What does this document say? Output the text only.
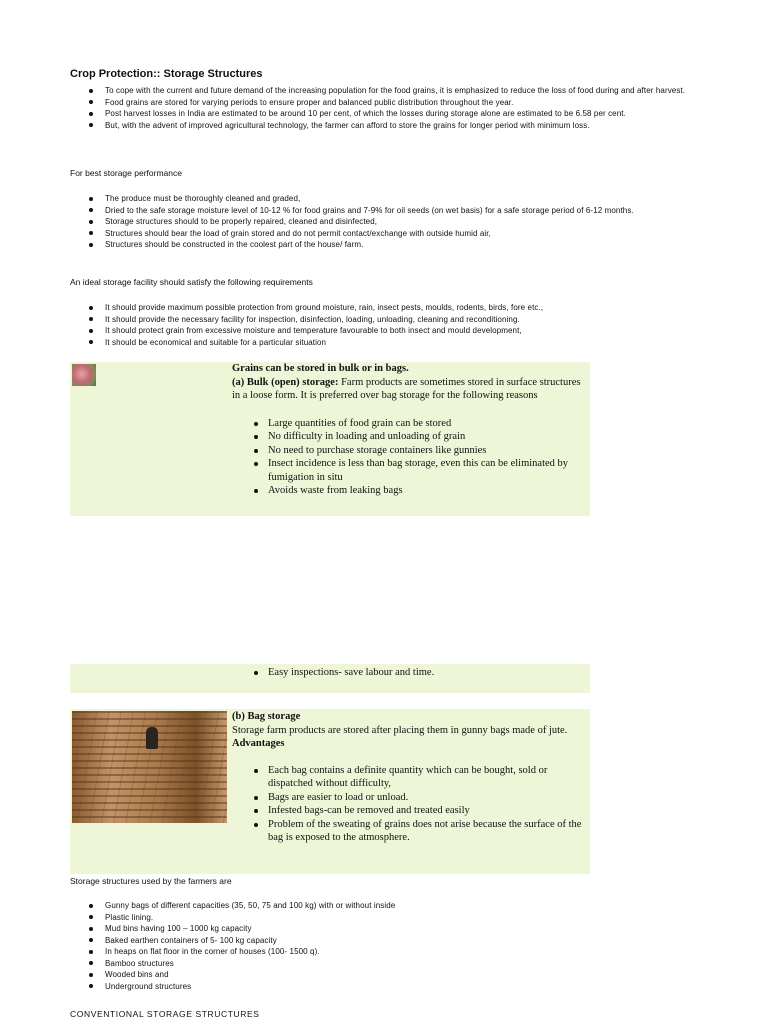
Crop Protection:: Storage Structures
To cope with the current and future demand of the increasing population for the food grains, it is emphasized to reduce the loss of food during and after harvest.
Food grains are stored for varying periods to ensure proper and balanced public distribution throughout the year.
Post harvest losses in India are estimated to be around 10 per cent, of which the losses during storage alone are estimated to be 6.58 per cent.
But, with the advent of improved agricultural technology, the farmer can afford to store the grains for longer period with minimum loss.

For best storage performance

The produce must be thoroughly cleaned and graded,
Dried to the safe storage moisture level of 10-12 % for food grains and 7-9% for oil seeds (on wet basis) for a safe storage period of 6-12 months.
Storage structures should to be properly repaired, cleaned and disinfected,
Structures should bear the load of grain stored and do not permit contact/exchange with outside humid air,
Structures should be constructed in the coolest part of the house/ farm.

An ideal storage facility should satisfy the following requirements

It should provide maximum possible protection from ground moisture, rain, insect pests, moulds, rodents, birds, fore etc.,
It should provide the necessary facility for inspection, disinfection, loading, unloading, cleaning and reconditioning.
It should protect grain from excessive moisture and temperature favourable to both insect and mould development,
It should be economical and suitable for a particular situation
Grains can be stored in bulk or in bags.
(a) Bulk (open) storage: Farm products are sometimes stored in surface structures in a loose form. It is preferred over bag storage for the following reasons
Large quantities of food grain can be stored
No difficulty in loading and unloading of grain
No need to purchase storage containers like gunnies
Insect incidence is less than bag storage, even this can be eliminated by fumigation in situ
Avoids waste from leaking bags
Easy inspections- save labour and time.
(b) Bag storage
Storage farm products are stored after placing them in gunny bags made of jute.
Advantages
Each bag contains a definite quantity which can be bought, sold or dispatched without difficulty,
Bags are easier to load or unload.
Infested bags-can be removed and treated easily
Problem of the sweating of grains does not arise because the surface of the bag is exposed to the atmosphere.

Storage structures used by the farmers are

Gunny bags of different capacities (35, 50, 75 and 100 kg) with or without inside
Plastic lining.
Mud bins having 100 – 1000 kg capacity
Baked earthen containers of 5- 100 kg capacity
In heaps on flat floor in the corner of houses (100- 1500 q).
Bamboo structures
Wooded bins and
Underground structures

CONVENTIONAL STORAGE STRUCTURES
